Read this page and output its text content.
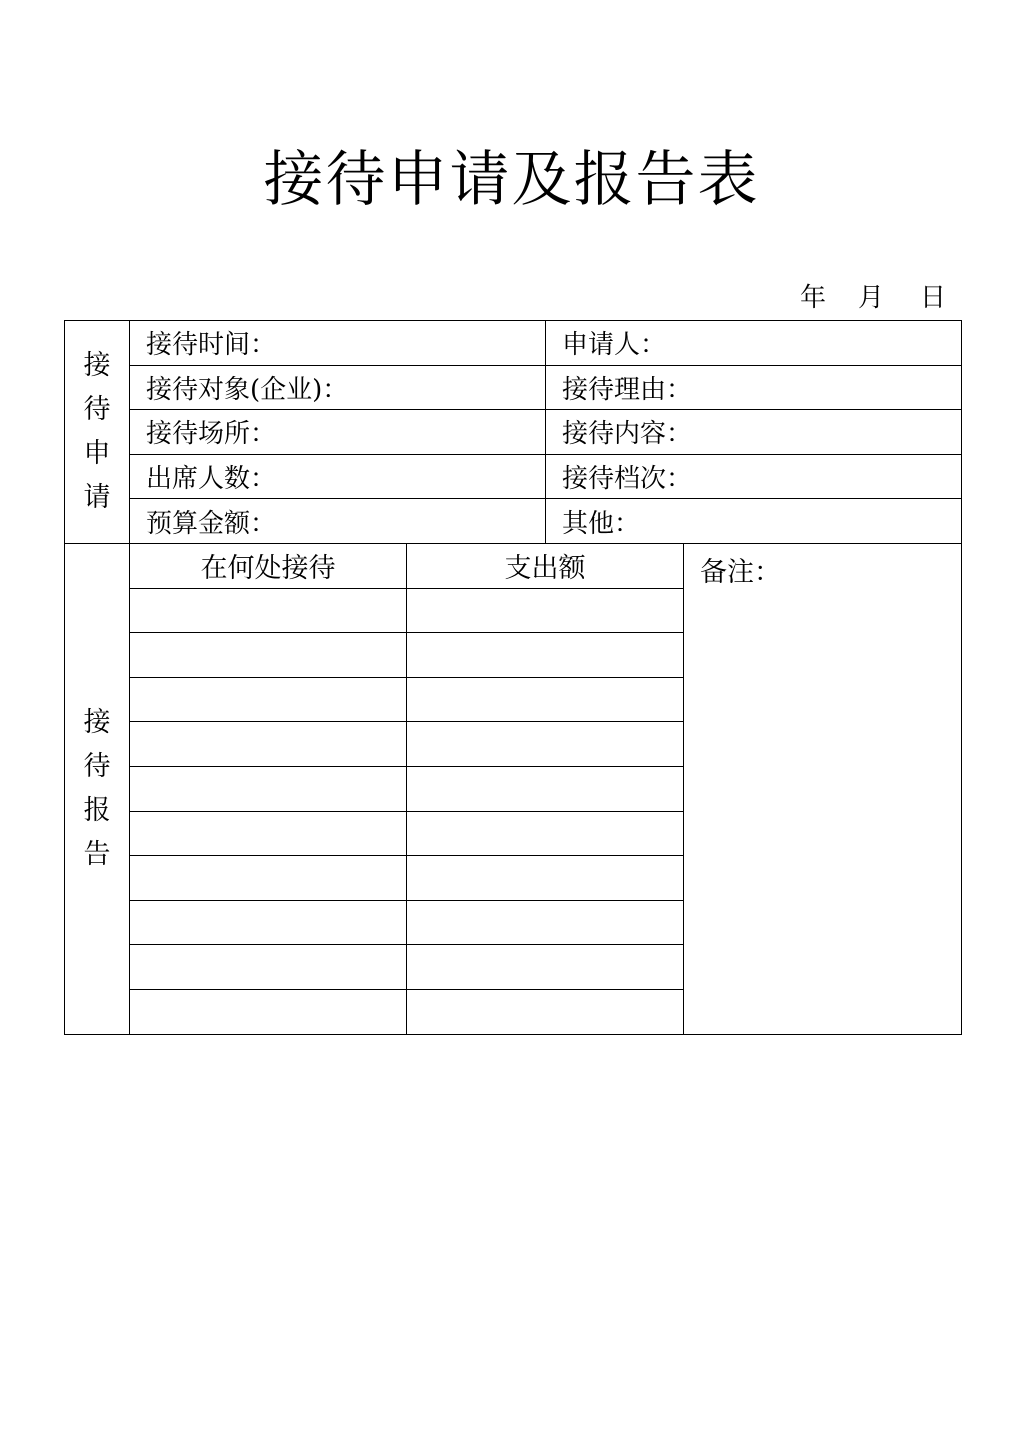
接待申请及报告表
年 月 日
接
待
申
请	接待时间：		申请人：	
	接待对象(企业)：		接待理由：	
	接待场所：		接待内容：	
	出席人数：		接待档次：	
	预算金额：		其他：	

接
待
报
告	在何处接待	支出额		备注：
